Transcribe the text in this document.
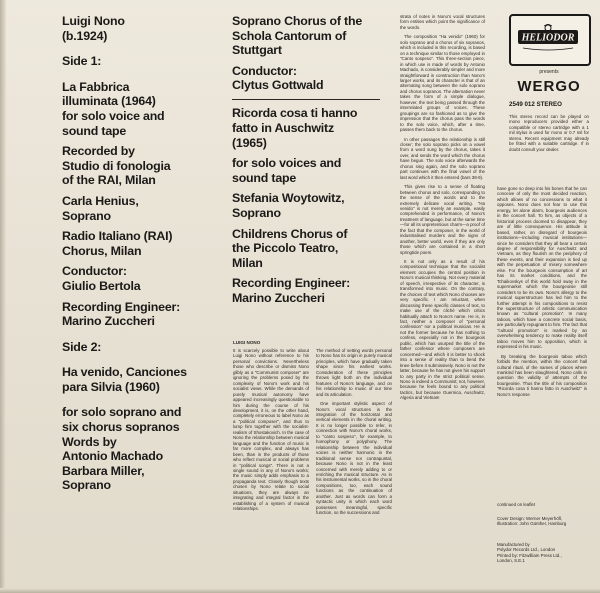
Luigi Nono
(b.1924)
Side 1:
La Fabbrica
illuminata (1964)
for solo voice and
sound tape
Recorded by
Studio di fonologia
of the RAI, Milan
Carla Henius,
Soprano
Radio Italiano (RAI)
Chorus, Milan
Conductor:
Giulio Bertola
Recording Engineer:
Marino Zuccheri
Side 2:
Ha venido, Canciones
para Silvia (1960)
for solo soprano and
six chorus sopranos
Words by
Antonio Machado
Barbara Miller,
Soprano
Soprano Chorus of the
Schola Cantorum of
Stuttgart
Conductor:
Clytus Gottwald
Ricorda cosa ti hanno
fatto in Auschwitz
(1965)
for solo voices and
sound tape
Stefania Woytowitz,
Soprano
Childrens Chorus of
the Piccolo Teatro,
Milan
Recording Engineer:
Marino Zuccheri
LUIGI NONO

It is scarcely possible to write about Luigi Nono without reference to his personal convictions. Nevertheless those who describe or dismiss Nono glibly as a "Communist composer" are ignoring the problems posed by the complexity of Nono's work and his socialist views. While the demands of purely musical autonomy have appeared increasingly questionable to him during the course of his development, it is, on the other hand, completely erroneous to label Nono as a "political composer", and thus to lump him together with the socialist-realism of Shostakovich. In the case of Nono the relationship between musical language and the function of music is far more complex, and always has been, than in the products of those who reflect musical or social problems in "political songs". There is not a single sound in any of Nono's works; the music simply adds emphasis to a propaganda text. Closely though texts chosen by Nono relate to social situations, they are always an integrating and integral factor in the establishing of a system of musical relationships.

The method of setting words personal to Nono has its origin in purely musical principles, which have gradually taken shape since his earliest works. Consideration of these principles throws light both on the individual features of Nono's language, and on his relationship to music of our time and its articulation.

One important stylistic aspect of Nono's vocal structures is the integration of the horizontal and vertical elements in the choral writing. It is no longer possible to refer, in connection with Nono's choral works, to "canto sospeso", for example, to homophony or polyphony. The relationship between the individual voices is neither harmonic in the traditional sense nor contrapuntal, because Nono is not in the least concerned with merely adding to or enriching the musical structure. As in his instrumental works, so in the choral compositions, too, each sound functions as the continuation of another. Just as words can form a syntactic unity in which each word possesses meaningful, specific function, so the successions and

strata of notes in Nono's vocal structures form entities which point the significance of the words.

The composition "Ha venido" (1960) for solo soprano and a chorus of six sopranos, which is included in this recording, is based on a technique similar to those employed in "Canto sospeso". This three-section piece, in which use is made of words by Antonio Machado, is considerably simpler and more straightforward in construction than Nono's larger works, and its character is that of an alternating song between the solo soprano and chorus sopranos. The alternation never takes the form of a simple dialogue, however, the text being passed through the interrelated groups of voices. These groupings are so fashioned as to give the impression that the chorus pass the words to the solo voice, which, after a time, passes them back to the chorus.

In other passages the relationship is still closer; the solo soprano picks on a vowel from a word sung by the chorus, takes it over, and sends the word which the chorus have begun. The solo voice afterwards the chorus sing again, and the solo soprano part continues with the final vowel of the last word which it then entered (bars 38-9).

This gives rise to a sense of floating between chorus and solo, corresponding to the sense of the words and to the extremely delicate vocal writing. "Ha venido" is not merely an example, easily comprehended in performance, of Nono's treatment of language, but at the same time—for all its unpretentious charm—a proof of the fact that the composer, in the world of industrialised murders and the signs of another, better world, even if they are only those which are contained in a short springtide poem.

It is not only as a result of his compositional technique that the socialist element occupies the central position in Nono's musical thinking. Not every material of speech, irrespective of its character, is transformed into music. On the contrary, the choices of text which Nono chooses are very specific. I am reluctant, when discussing these specific classes of text, to make use of the cliché which critics habitually attach to Nono's name. He is, in fact, neither a composer of "personal confession" nor a political musician. He is not the former because he has nothing to confess, especially not in the bourgeois public, which has usurped the title of the father confessor where composers are concerned—and which it is better to shock into a sense of reality than to bend the knee before it submissively. Nono is not the latter, because he has not given his support to any party in the strict political sense. Nono is indeed a Communist; not, however, because he feels bound to any political tactics, but because Guernica, Auschwitz, Algeria and Vietnam

have gone so deep into his bones that he can conceive of only the most decided reaction, which allows of no concessions to what it opposes. Nono does not fear to use this energy, let alone alarm, bourgeois audiences in the concert hall. To him, as objects of a historical process doomed to disappear, they are of little consequence. His attitude is based, rather, on disregard of bourgeois institutions—including musical institutions—since he considers that they all bear a certain degree of responsibility for Auschwitz and Vietnam, as they flourish on the periphery of these events, and their expansion is tied up with the perpetuation of misery somewhere else. For the bourgeois consumption of art has its market conditions, and the Tchaikovskys of this world hold sway in the supermarket which the bourgeoisie still considers to be its own. Nono's allergy to the musical superstructure has led him to the further attempt in his compositions to resist the superstructure of artistic communication known as "cultural promotion". In many taboos, which have a concrete social basis, are particularly repugnant to him. The fact that "cultural promotion" is marked by an overwhelming tendency to make reality itself taboo moves him to opposition, which is expressed in his music.

By breaking the bourgeois taboo which forbids the mention, within the concert hall cultural ritual, of the names of places where mankind has been slaughtered, Nono calls in question the validity of attempts of the bourgeoisie. Thus the title of his composition "Ricorda cosa ti hanno fatto in Auschwitz" is Nono's response

HELIODOR
presents
WERGO
2549 012 STEREO
This stereo record can be played on mono reproducers provided either a compatible or stereo cartridge with a 1 mil stylus is used for mono or 0.7 mil for stereo. Recent equipment may already be fitted with a suitable cartridge. If in doubt consult your dealer.
continued on leaflet
Cover Design: Werner Meyerhöfl,
Illustration: John Günther, Hamburg
Manufactured by
Polydor Records Ltd., London
Printed by: Fitzwilliam Press Ltd.,
London, S.E.1
